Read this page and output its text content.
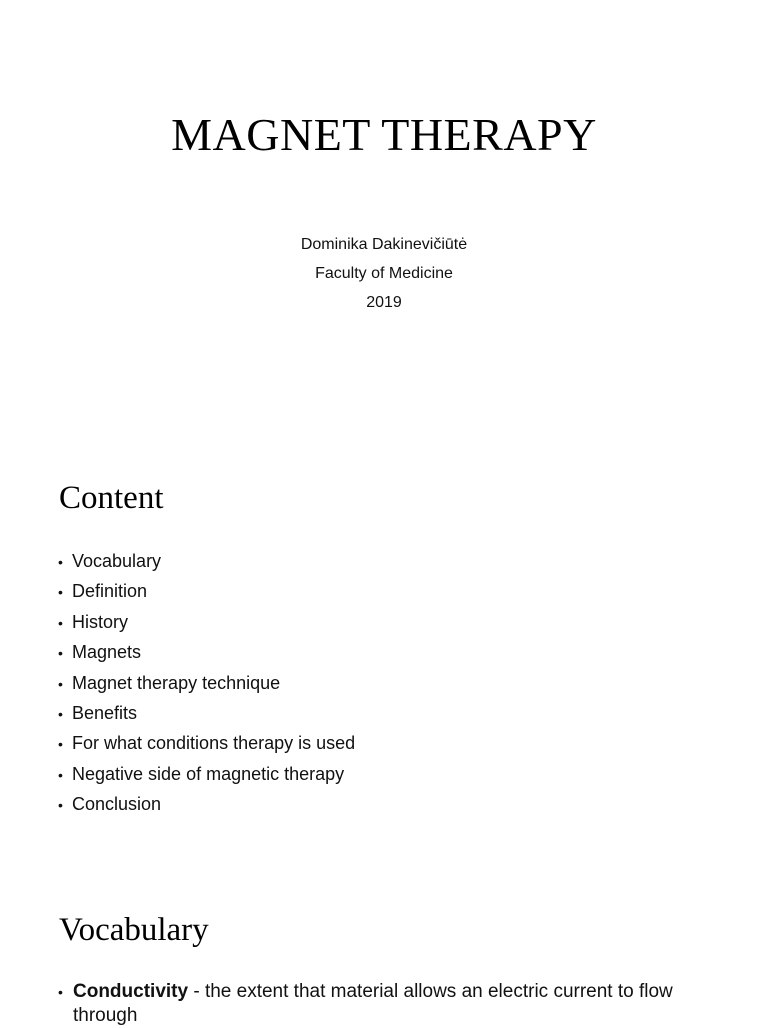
MAGNET THERAPY
Dominika Dakinevičiūtė
Faculty of Medicine
2019
Content
• Vocabulary
• Definition
• History
• Magnets
• Magnet therapy technique
• Benefits
• For what conditions therapy is used
• Negative side of magnetic therapy
• Conclusion
Vocabulary
• Conductivity - the extent that material allows an electric current to flow through
